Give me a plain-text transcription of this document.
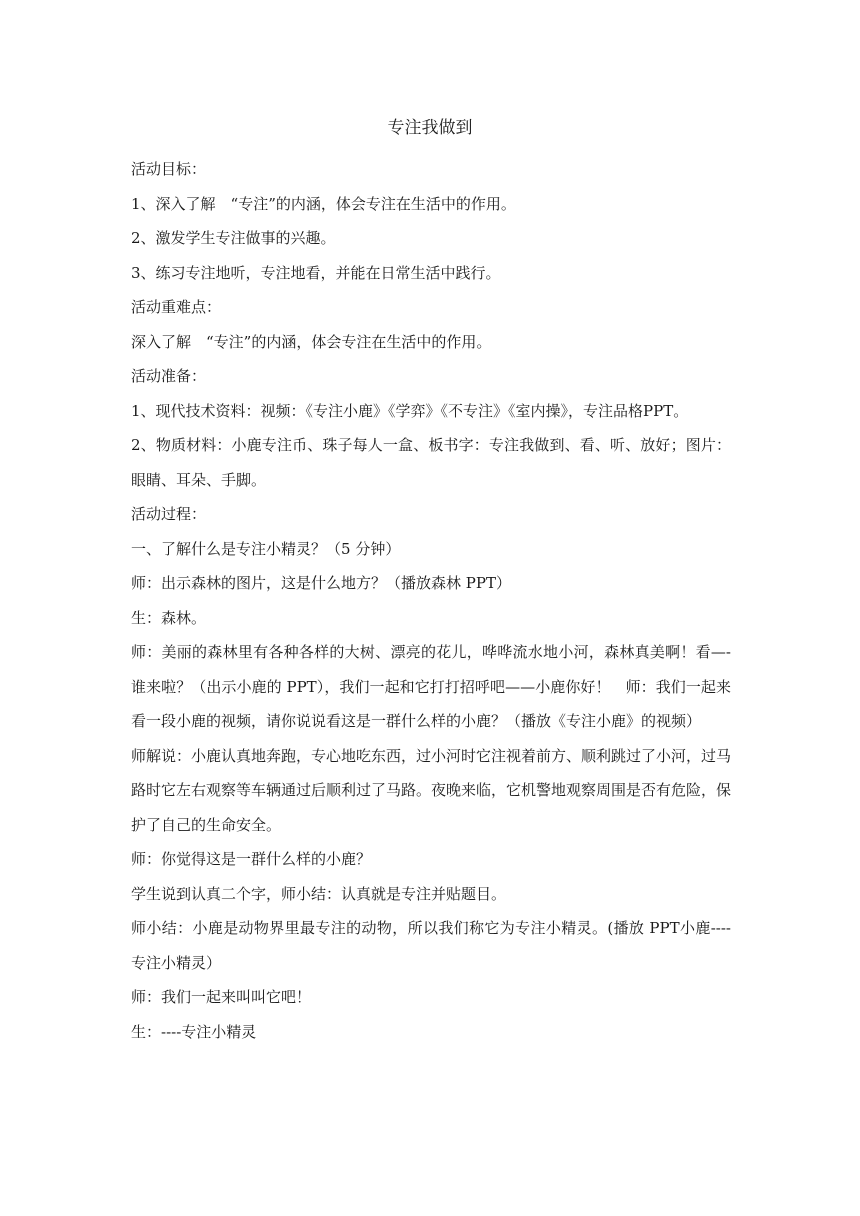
专注我做到

活动目标：

1、深入了解　“专注”的内涵，体会专注在生活中的作用。

2、激发学生专注做事的兴趣。

3、练习专注地听，专注地看，并能在日常生活中践行。

活动重难点：

深入了解　“专注”的内涵，体会专注在生活中的作用。

活动准备：

1、现代技术资料：视频：《专注小鹿》《学弈》《不专注》《室内操》，专注品格PPT。

2、物质材料：小鹿专注币、珠子每人一盒、板书字：专注我做到、看、听、放好；图片：眼睛、耳朵、手脚。

活动过程：

一、了解什么是专注小精灵？（5 分钟）

师：出示森林的图片，这是什么地方？（播放森林 PPT）

生：森林。

师：美丽的森林里有各种各样的大树、漂亮的花儿，哗哗流水地小河，森林真美啊！看—-谁来啦？（出示小鹿的 PPT），我们一起和它打打招呼吧——小鹿你好！　师：我们一起来看一段小鹿的视频，请你说说看这是一群什么样的小鹿？（播放《专注小鹿》的视频）

师解说：小鹿认真地奔跑，专心地吃东西，过小河时它注视着前方、顺利跳过了小河，过马路时它左右观察等车辆通过后顺利过了马路。夜晚来临，它机警地观察周围是否有危险，保护了自己的生命安全。

师：你觉得这是一群什么样的小鹿？

学生说到认真二个字，师小结：认真就是专注并贴题目。

师小结：小鹿是动物界里最专注的动物，所以我们称它为专注小精灵。(播放 PPT小鹿----专注小精灵）

师：我们一起来叫叫它吧！

生：----专注小精灵
